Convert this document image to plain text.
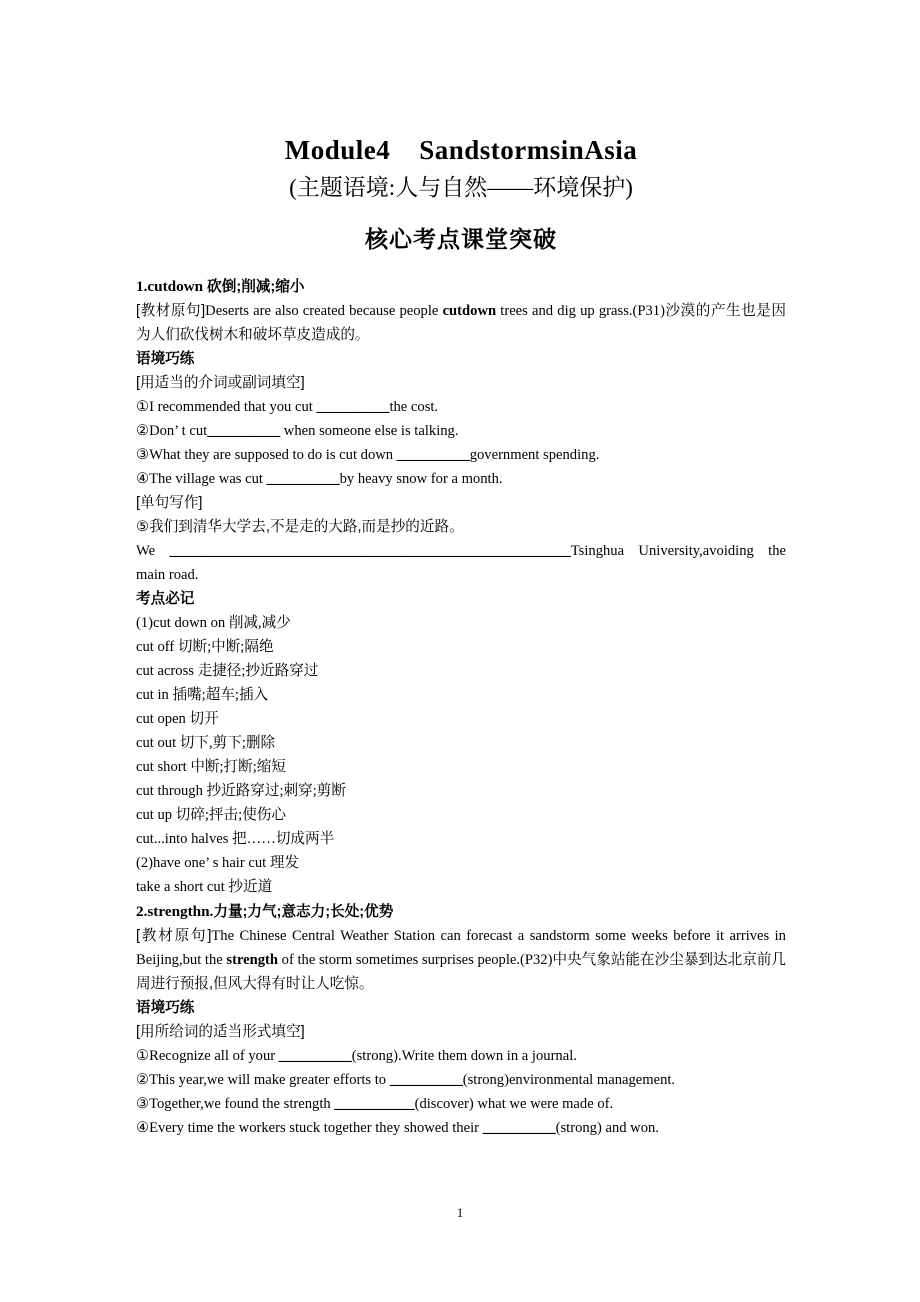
Module4    SandstormsinAsia
(主题语境:人与自然——环境保护)
核心考点课堂突破
1.cutdown 砍倒;削减;缩小
[教材原句]Deserts are also created because people cutdown trees and dig up grass.(P31)沙漠的产生也是因为人们砍伐树木和破坏草皮造成的。
语境巧练
[用适当的介词或副词填空]
①I recommended that you cut __________the cost.
②Don’ t cut__________ when someone else is talking.
③What they are supposed to do is cut down __________government spending.
④The village was cut __________by heavy snow for a month.
[单句写作]
⑤我们到清华大学去,不是走的大路,而是抄的近路。
We _______________________________________________________Tsinghua University,avoiding the main road.
考点必记
(1)cut down on 削减,减少
cut off 切断;中断;隔绝
cut across 走捷径;抄近路穿过
cut in 插嘴;超车;插入
cut open 切开
cut out 切下,剪下;删除
cut short 中断;打断;缩短
cut through 抄近路穿过;刺穿;剪断
cut up 切碎;抨击;使伤心
cut...into halves 把……切成两半
(2)have one’ s hair cut 理发
take a short cut 抄近道
2.strengthn.力量;力气;意志力;长处;优势
[教材原句]The Chinese Central Weather Station can forecast a sandstorm some weeks before it arrives in Beijing,but the strength of the storm sometimes surprises people.(P32)中央气象站能在沙尘暴到达北京前几周进行预报,但风大得有时让人吃惊。
语境巧练
[用所给词的适当形式填空]
①Recognize all of your __________(strong).Write them down in a journal.
②This year,we will make greater efforts to __________(strong)environmental management.
③Together,we found the strength ___________(discover) what we were made of.
④Every time the workers stuck together they showed their __________(strong) and won.
1
